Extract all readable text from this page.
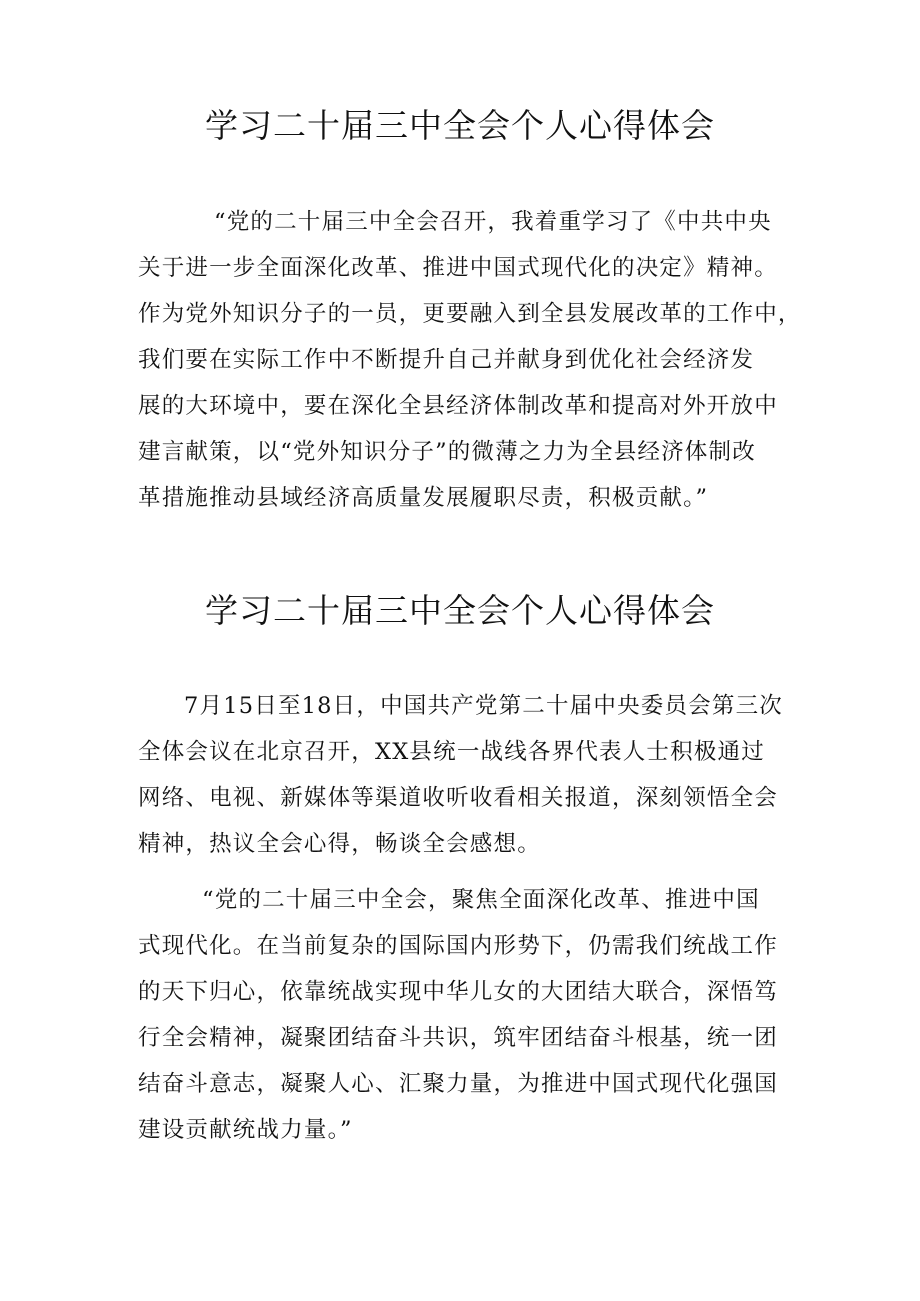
学习二十届三中全会个人心得体会

“党的二十届三中全会召开，我着重学习了《中共中央
关于进一步全面深化改革、推进中国式现代化的决定》精神。
作为党外知识分子的一员，更要融入到全县发展改革的工作中，
我们要在实际工作中不断提升自己并献身到优化社会经济发
展的大环境中，要在深化全县经济体制改革和提高对外开放中
建言献策，以“党外知识分子”的微薄之力为全县经济体制改
革措施推动县域经济高质量发展履职尽责，积极贡献。”

学习二十届三中全会个人心得体会

7月15日至18日，中国共产党第二十届中央委员会第三次
全体会议在北京召开，XX县统一战线各界代表人士积极通过
网络、电视、新媒体等渠道收听收看相关报道，深刻领悟全会
精神，热议全会心得，畅谈全会感想。

“党的二十届三中全会，聚焦全面深化改革、推进中国
式现代化。在当前复杂的国际国内形势下，仍需我们统战工作
的天下归心，依靠统战实现中华儿女的大团结大联合，深悟笃
行全会精神，凝聚团结奋斗共识，筑牢团结奋斗根基，统一团
结奋斗意志，凝聚人心、汇聚力量，为推进中国式现代化强国
建设贡献统战力量。”
